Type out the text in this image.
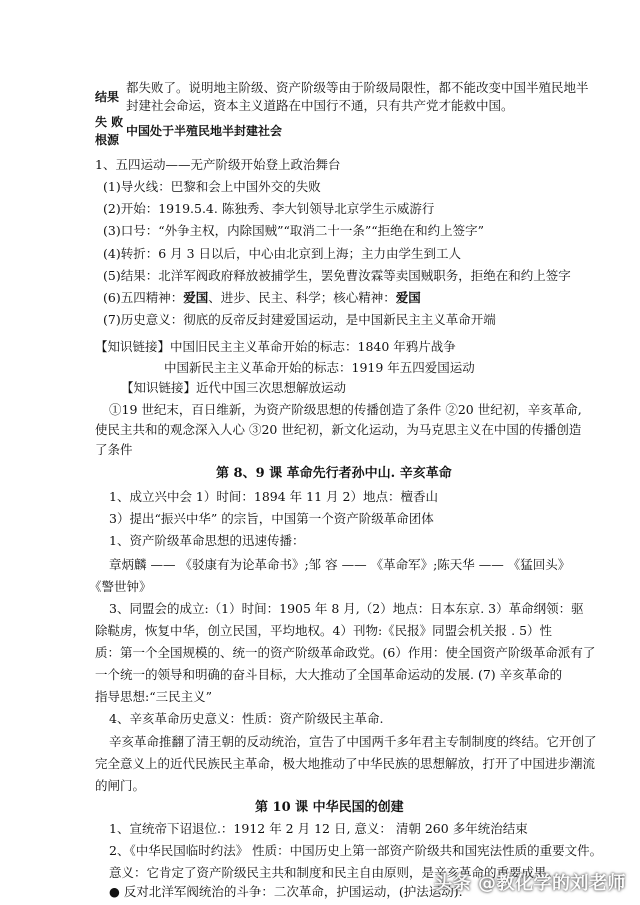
结果
都失败了。说明地主阶级、资产阶级等由于阶级局限性，都不能改变中国半殖民地半
封建社会命运，资本主义道路在中国行不通，只有共产党才能救中国。
失 败
根源
中国处于半殖民地半封建社会
1、五四运动——无产阶级开始登上政治舞台
(1)导火线：巴黎和会上中国外交的失败
(2)开始：1919.5.4. 陈独秀、李大钊领导北京学生示威游行
(3)口号：“外争主权，内除国贼”“取消二十一条”“拒绝在和约上签字”
(4)转折：6 月 3 日以后，中心由北京到上海；主力由学生到工人
(5)结果：北洋军阀政府释放被捕学生，罢免曹汝霖等卖国贼职务，拒绝在和约上签字
(6)五四精神：爱国、进步、民主、科学；核心精神：爱国
(7)历史意义：彻底的反帝反封建爱国运动，是中国新民主主义革命开端
【知识链接】中国旧民主主义革命开始的标志：1840 年鸦片战争
中国新民主主义革命开始的标志：1919 年五四爱国运动
【知识链接】近代中国三次思想解放运动
①19 世纪末，百日维新，为资产阶级思想的传播创造了条件 ②20 世纪初，辛亥革命,
使民主共和的观念深入人心 ③20 世纪初，新文化运动，为马克思主义在中国的传播创造
了条件
第 8、9 课 革命先行者孙中山. 辛亥革命
1、成立兴中会 1）时间：1894 年 11 月 2）地点：檀香山
3）提出“振兴中华” 的宗旨，中国第一个资产阶级革命团体
1、资产阶级革命思想的迅速传播：
章炳麟 —— 《驳康有为论革命书》;邹 容 —— 《革命军》;陈天华 —— 《猛回头》
《警世钟》
3、同盟会的成立:（1）时间：1905 年 8 月,（2）地点：日本东京. 3）革命纲领：驱
除鞑虏，恢复中华，创立民国，平均地权。4）刊物:《民报》同盟会机关报 . 5）性
质：第一个全国规模的、统一的资产阶级革命政党。(6）作用：使全国资产阶级革命派有了
一个统一的领导和明确的奋斗目标，大大推动了全国革命运动的发展. (7) 辛亥革命的
指导思想:“三民主义”
4、辛亥革命历史意义：性质：资产阶级民主革命.
辛亥革命推翻了清王朝的反动统治，宣告了中国两千多年君主专制制度的终结。它开创了
完全意义上的近代民族民主革命，极大地推动了中华民族的思想解放，打开了中国进步潮流
的闸门。
第 10 课 中华民国的创建
1、宣统帝下诏退位.：1912 年 2 月 12 日, 意义： 清朝 260 多年统治结束
2、《中华民国临时约法》 性质：中国历史上第一部资产阶级共和国宪法性质的重要文件。
意义：它肯定了资产阶级民主共和制度和民主自由原则，是辛亥革命的重要成果。
● 反对北洋军阀统治的斗争：二次革命，护国运动，(护法运动).
头条 @教化学的刘老师
